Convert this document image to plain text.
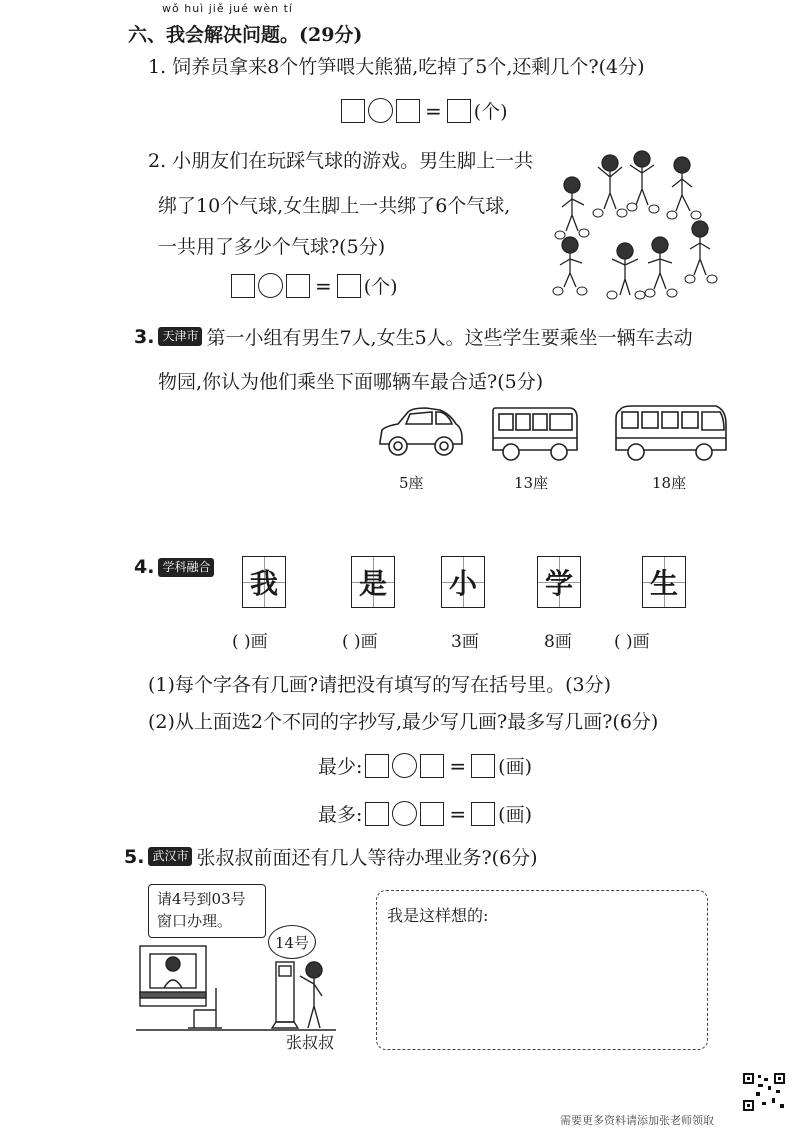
wǒ huì jiě jué wèn tí
六、我会解决问题。(29分)
1. 饲养员拿来8个竹笋喂大熊猫,吃掉了5个,还剩几个?(4分)
= (个)
2. 小朋友们在玩踩气球的游戏。男生脚上一共
绑了10个气球,女生脚上一共绑了6个气球,
一共用了多少个气球?(5分)
= (个)
3. 天津市 第一小组有男生7人,女生5人。这些学生要乘坐一辆车去动
物园,你认为他们乘坐下面哪辆车最合适?(5分)
5座	13座	18座
4. 学科融合
我	是 小 学	生
( )画	( )画	3画	8画 ( )画
(1)每个字各有几画?请把没有填写的写在括号里。(3分)
(2)从上面选2个不同的字抄写,最少写几画?最多写几画?(6分)
最少:	= (画)
最多:	= (画)
5. 武汉市 张叔叔前面还有几人等待办理业务?(6分)
请4号到03号
窗口办理。
14号
张叔叔
我是这样想的:
需要更多资料请添加张老师领取
